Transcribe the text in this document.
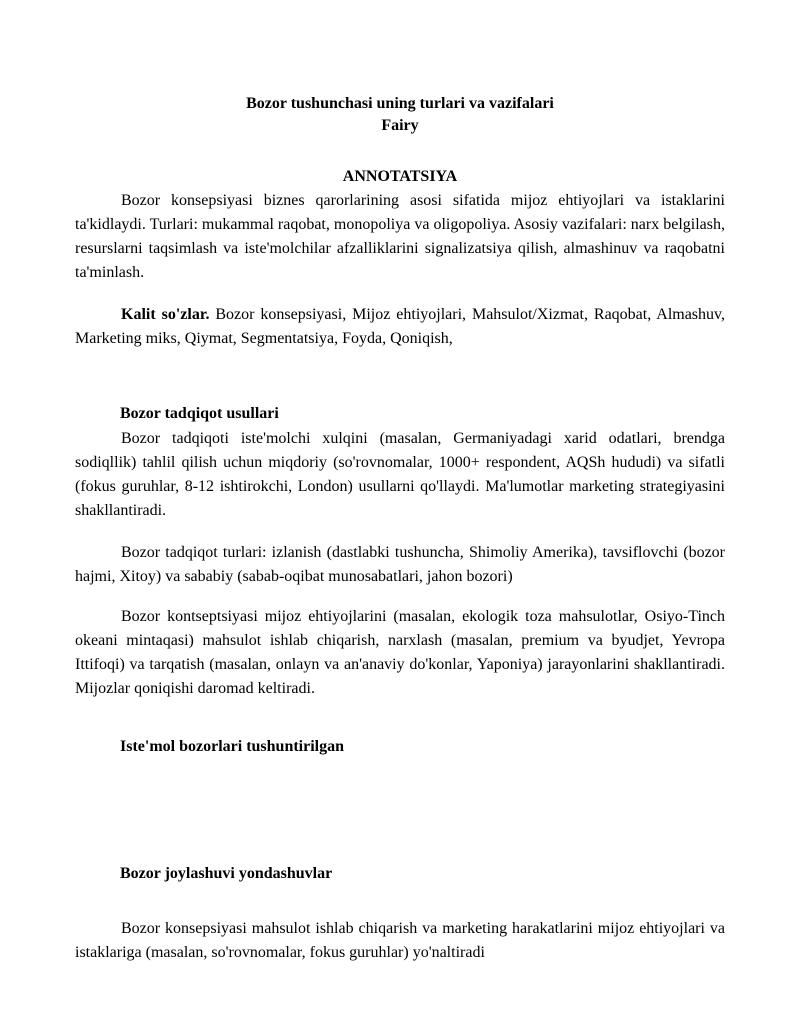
Bozor tushunchasi uning turlari va vazifalari

Fairy

ANNOTATSIYA

Bozor konsepsiyasi biznes qarorlarining asosi sifatida mijoz ehtiyojlari va istaklarini ta'kidlaydi. Turlari: mukammal raqobat, monopoliya va oligopoliya. Asosiy vazifalari: narx belgilash, resurslarni taqsimlash va iste'molchilar afzalliklarini signalizatsiya qilish, almashinuv va raqobatni ta'minlash.

Kalit so'zlar. Bozor konsepsiyasi, Mijoz ehtiyojlari, Mahsulot/Xizmat, Raqobat, Almashuv, Marketing miks, Qiymat, Segmentatsiya, Foyda, Qoniqish,

Bozor tadqiqot usullari

Bozor tadqiqoti iste'molchi xulqini (masalan, Germaniyadagi xarid odatlari, brendga sodiqllik) tahlil qilish uchun miqdoriy (so'rovnomalar, 1000+ respondent, AQSh hududi) va sifatli (fokus guruhlar, 8-12 ishtirokchi, London) usullarni qo'llaydi. Ma'lumotlar marketing strategiyasini shakllantiradi.

Bozor tadqiqot turlari: izlanish (dastlabki tushuncha, Shimoliy Amerika), tavsiflovchi (bozor hajmi, Xitoy) va sababiy (sabab-oqibat munosabatlari, jahon bozori)

Bozor kontseptsiyasi mijoz ehtiyojlarini (masalan, ekologik toza mahsulotlar, Osiyo-Tinch okeani mintaqasi) mahsulot ishlab chiqarish, narxlash (masalan, premium va byudjet, Yevropa Ittifoqi) va tarqatish (masalan, onlayn va an'anaviy do'konlar, Yaponiya) jarayonlarini shakllantiradi. Mijozlar qoniqishi daromad keltiradi.

Iste'mol bozorlari tushuntirilgan

Bozor joylashuvi yondashuvlar

Bozor konsepsiyasi mahsulot ishlab chiqarish va marketing harakatlarini mijoz ehtiyojlari va istaklariga (masalan, so'rovnomalar, fokus guruhlar) yo'naltiradi
